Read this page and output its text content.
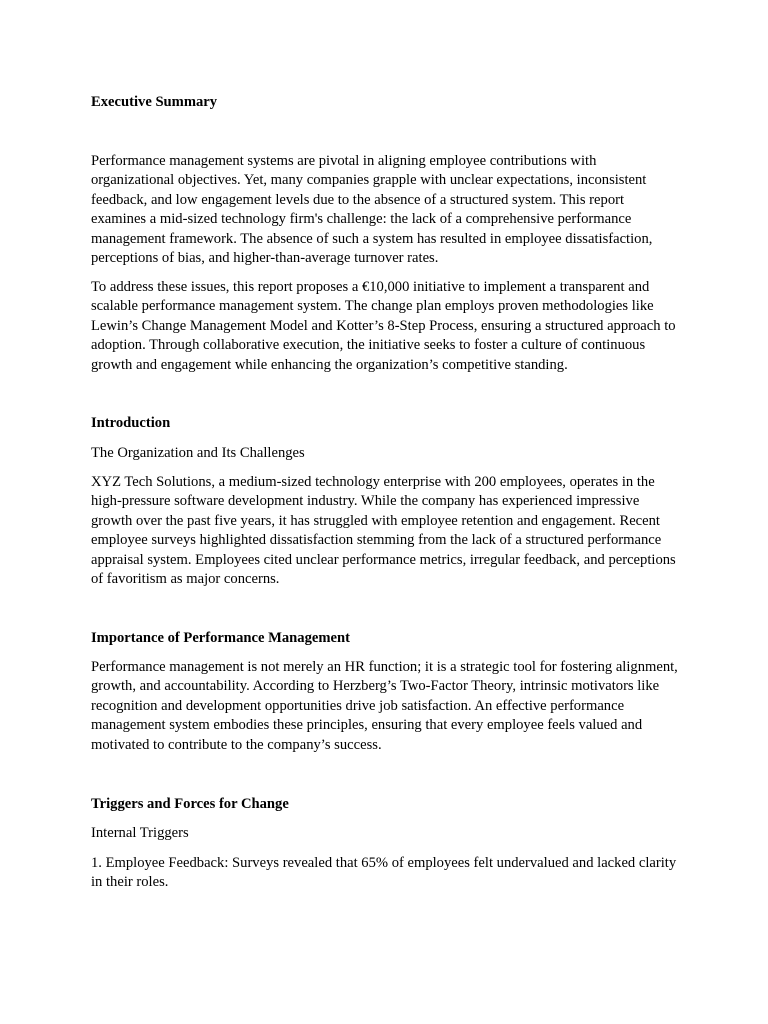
Executive Summary

Performance management systems are pivotal in aligning employee contributions with organizational objectives. Yet, many companies grapple with unclear expectations, inconsistent feedback, and low engagement levels due to the absence of a structured system. This report examines a mid-sized technology firm's challenge: the lack of a comprehensive performance management framework. The absence of such a system has resulted in employee dissatisfaction, perceptions of bias, and higher-than-average turnover rates.

To address these issues, this report proposes a €10,000 initiative to implement a transparent and scalable performance management system. The change plan employs proven methodologies like Lewin’s Change Management Model and Kotter’s 8-Step Process, ensuring a structured approach to adoption. Through collaborative execution, the initiative seeks to foster a culture of continuous growth and engagement while enhancing the organization’s competitive standing.

Introduction

The Organization and Its Challenges

XYZ Tech Solutions, a medium-sized technology enterprise with 200 employees, operates in the high-pressure software development industry. While the company has experienced impressive growth over the past five years, it has struggled with employee retention and engagement. Recent employee surveys highlighted dissatisfaction stemming from the lack of a structured performance appraisal system. Employees cited unclear performance metrics, irregular feedback, and perceptions of favoritism as major concerns.

Importance of Performance Management

Performance management is not merely an HR function; it is a strategic tool for fostering alignment, growth, and accountability. According to Herzberg’s Two-Factor Theory, intrinsic motivators like recognition and development opportunities drive job satisfaction. An effective performance management system embodies these principles, ensuring that every employee feels valued and motivated to contribute to the company’s success.

Triggers and Forces for Change

Internal Triggers

1. Employee Feedback: Surveys revealed that 65% of employees felt undervalued and lacked clarity in their roles.
